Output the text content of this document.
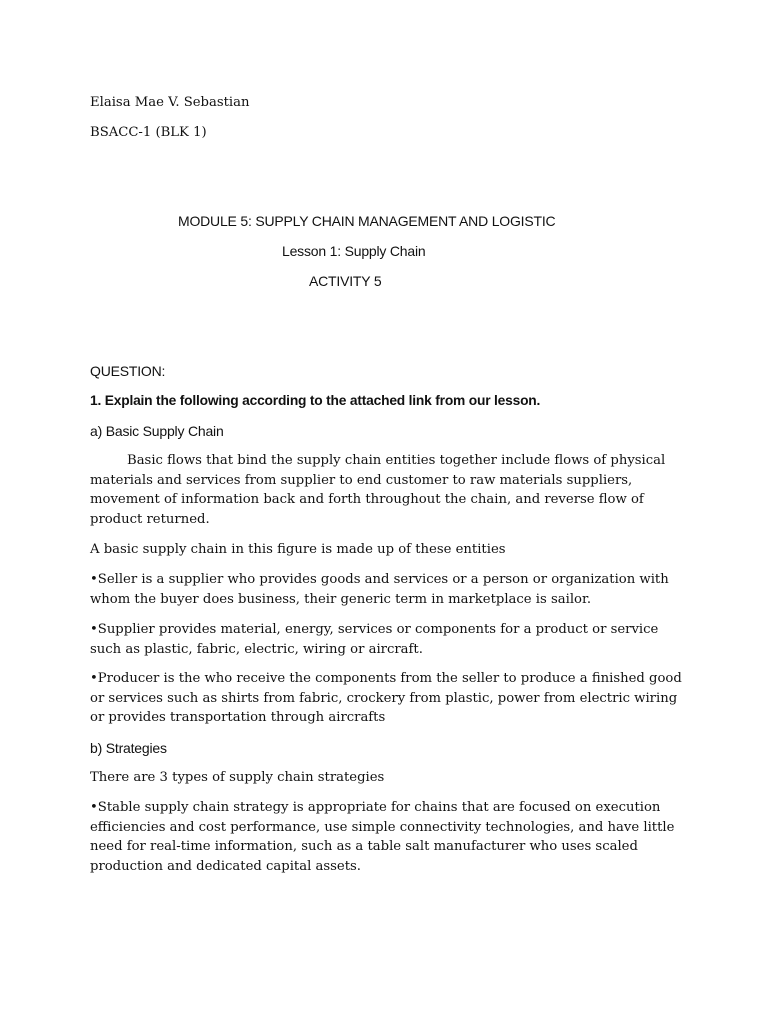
Elaisa Mae V. Sebastian
BSACC-1 (BLK 1)
MODULE 5: SUPPLY CHAIN MANAGEMENT AND LOGISTIC
Lesson 1: Supply Chain
ACTIVITY 5
QUESTION:
1. Explain the following according to the attached link from our lesson.
a) Basic Supply Chain
Basic flows that bind the supply chain entities together include flows of physical materials and services from supplier to end customer to raw materials suppliers, movement of information back and forth throughout the chain, and reverse flow of product returned.
A basic supply chain in this figure is made up of these entities
•Seller is a supplier who provides goods and services or a person or organization with whom the buyer does business, their generic term in marketplace is sailor.
•Supplier provides material, energy, services or components for a product or service such as plastic, fabric, electric, wiring or aircraft.
•Producer is the who receive the components from the seller to produce a finished good or services such as shirts from fabric, crockery from plastic, power from electric wiring or provides transportation through aircrafts
b) Strategies
There are 3 types of supply chain strategies
•Stable supply chain strategy is appropriate for chains that are focused on execution efficiencies and cost performance, use simple connectivity technologies, and have little need for real-time information, such as a table salt manufacturer who uses scaled production and dedicated capital assets.
